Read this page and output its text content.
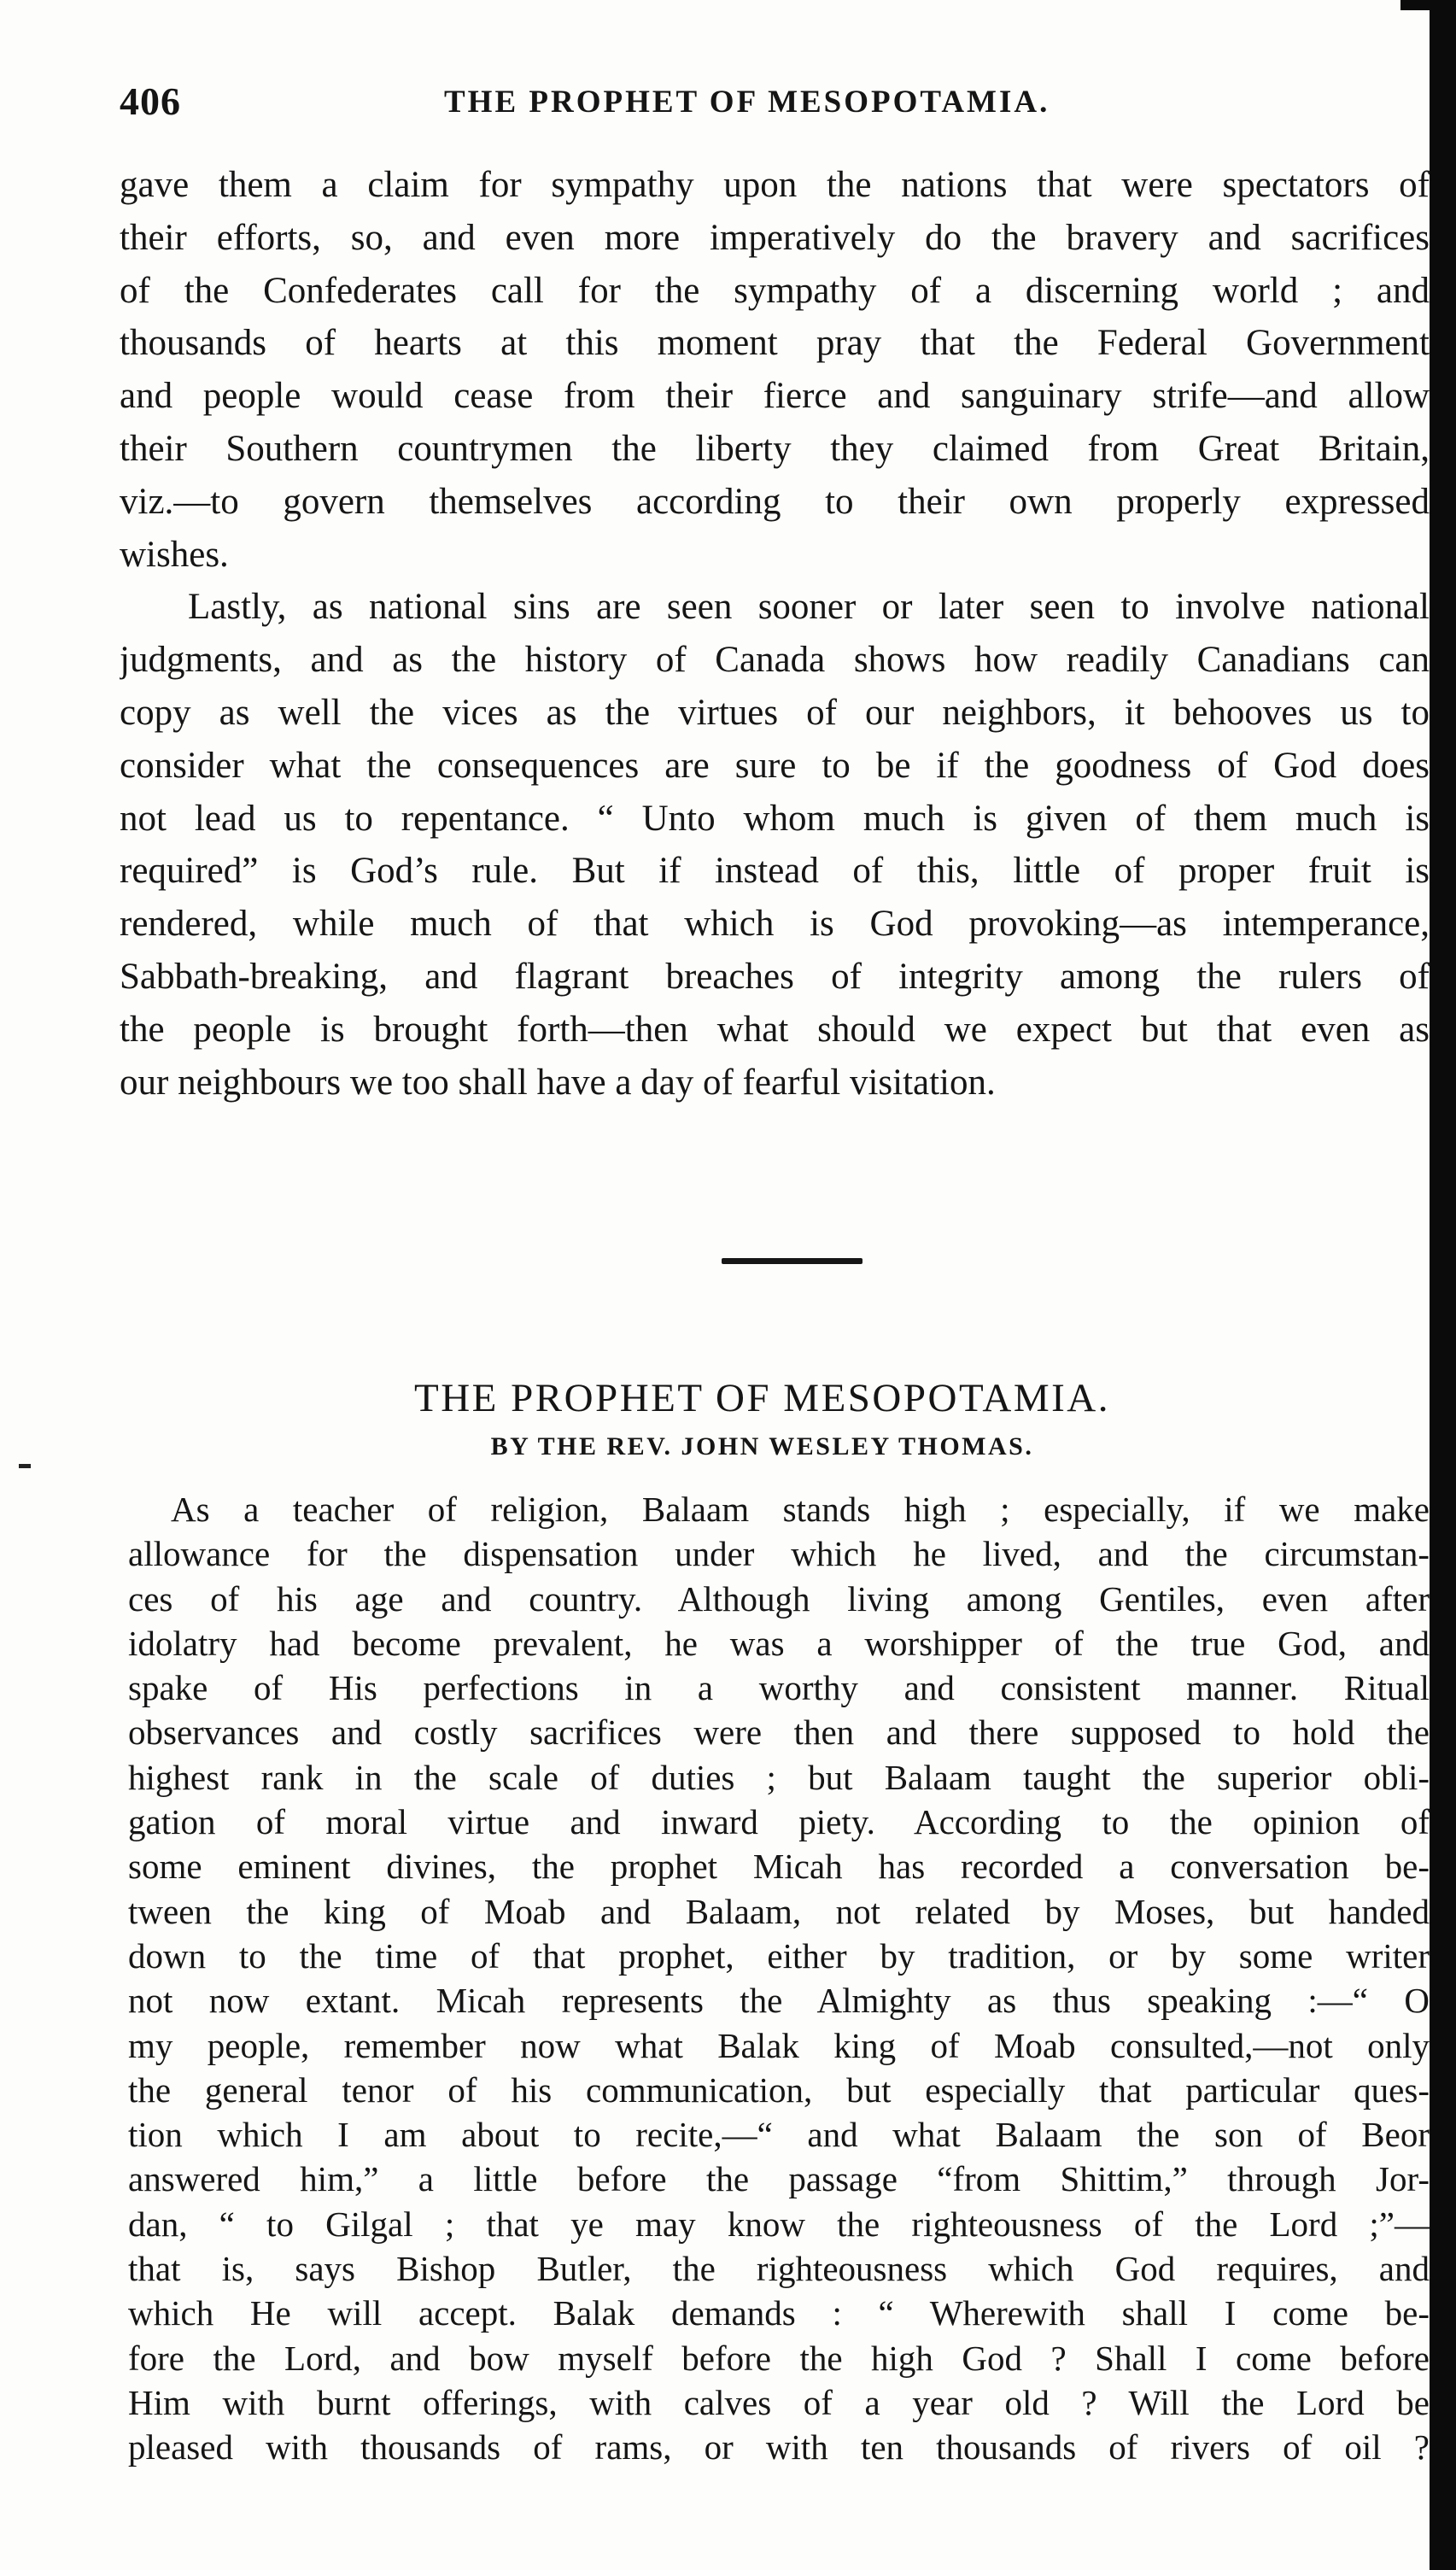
406	THE PROPHET OF MESOPOTAMIA.

gave them a claim for sympathy upon the nations that were spectators of
their efforts, so, and even more imperatively do the bravery and sacrifices
of the Confederates call for the sympathy of a discerning world ; and
thousands of hearts at this moment pray that the Federal Government
and people would cease from their fierce and sanguinary strife—and allow
their Southern countrymen the liberty they claimed from Great Britain,
viz.—to govern themselves according to their own properly expressed
wishes.

Lastly, as national sins are seen sooner or later seen to involve national
judgments, and as the history of Canada shows how readily Canadians can
copy as well the vices as the virtues of our neighbors, it behooves us to
consider what the consequences are sure to be if the goodness of God does
not lead us to repentance. “ Unto whom much is given of them much is
required” is God’s rule. But if instead of this, little of proper fruit is
rendered, while much of that which is God provoking—as intemperance,
Sabbath-breaking, and flagrant breaches of integrity among the rulers of
the people is brought forth—then what should we expect but that even as
our neighbours we too shall have a day of fearful visitation.

THE PROPHET OF MESOPOTAMIA.
BY THE REV. JOHN WESLEY THOMAS.

As a teacher of religion, Balaam stands high ; especially, if we make
allowance for the dispensation under which he lived, and the circumstan-
ces of his age and country. Although living among Gentiles, even after
idolatry had become prevalent, he was a worshipper of the true God, and
spake of His perfections in a worthy and consistent manner. Ritual
observances and costly sacrifices were then and there supposed to hold the
highest rank in the scale of duties ; but Balaam taught the superior obli-
gation of moral virtue and inward piety. According to the opinion of
some eminent divines, the prophet Micah has recorded a conversation be-
tween the king of Moab and Balaam, not related by Moses, but handed
down to the time of that prophet, either by tradition, or by some writer
not now extant. Micah represents the Almighty as thus speaking :—“ O
my people, remember now what Balak king of Moab consulted,—not only
the general tenor of his communication, but especially that particular ques-
tion which I am about to recite,—“ and what Balaam the son of Beor
answered him,” a little before the passage “from Shittim,” through Jor-
dan, “ to Gilgal ; that ye may know the righteousness of the Lord ;”—
that is, says Bishop Butler, the righteousness which God requires, and
which He will accept. Balak demands : “ Wherewith shall I come be-
fore the Lord, and bow myself before the high God ? Shall I come before
Him with burnt offerings, with calves of a year old ? Will the Lord be
pleased with thousands of rams, or with ten thousands of rivers of oil ?
